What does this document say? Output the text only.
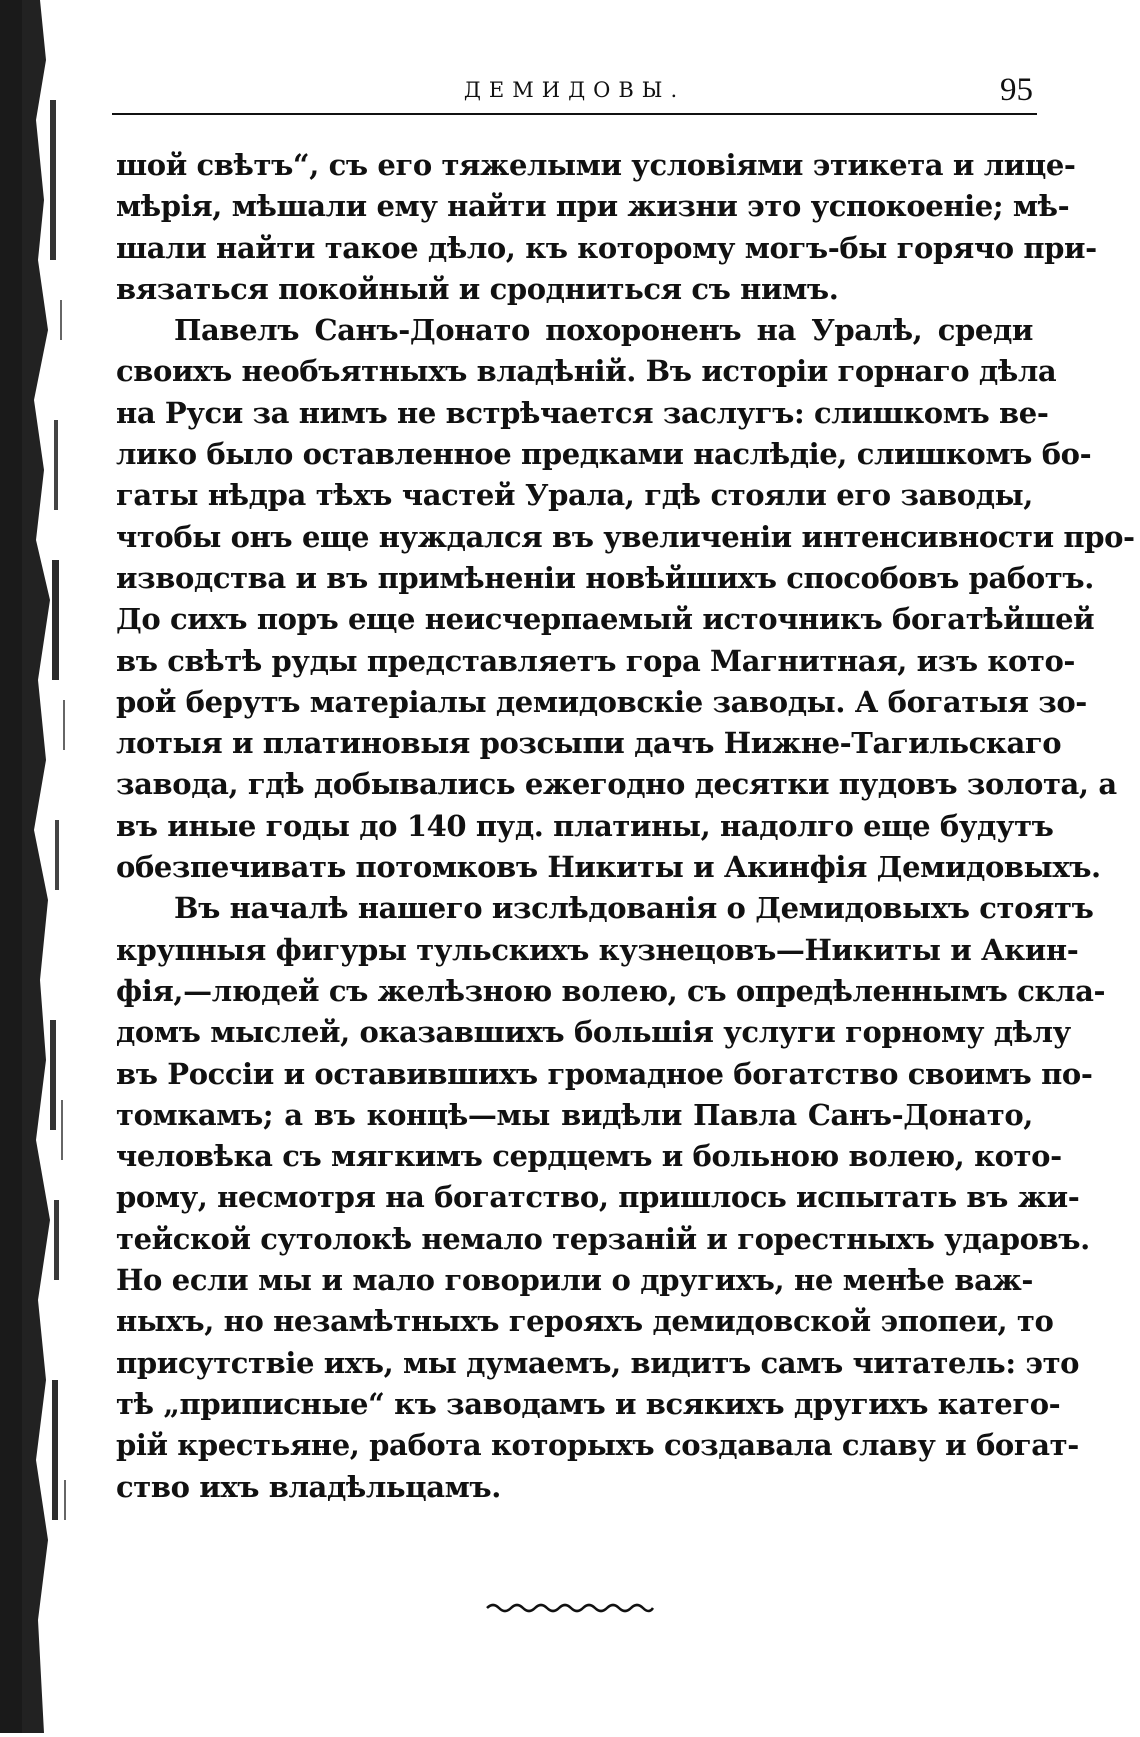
ДЕМИДОВЫ.	95
шой свѣтъ“, съ его тяжелыми условіями этикета и лице-
мѣрія, мѣшали ему найти при жизни это успокоеніе; мѣ-
шали найти такое дѣло, къ которому могъ-бы горячо при-
вязаться покойный и сродниться съ нимъ.
Павелъ Санъ-Донато похороненъ на Уралѣ, среди
своихъ необъятныхъ владѣній. Въ исторіи горнаго дѣла
на Руси за нимъ не встрѣчается заслугъ: слишкомъ ве-
лико было оставленное предками наслѣдіе, слишкомъ бо-
гаты нѣдра тѣхъ частей Урала, гдѣ стояли его заводы,
чтобы онъ еще нуждался въ увеличеніи интенсивности про-
изводства и въ примѣненіи новѣйшихъ способовъ работъ.
До сихъ поръ еще неисчерпаемый источникъ богатѣйшей
въ свѣтѣ руды представляетъ гора Магнитная, изъ кото-
рой берутъ матеріалы демидовскіе заводы. А богатыя зо-
лотыя и платиновыя розсыпи дачъ Нижне-Тагильскаго
завода, гдѣ добывались ежегодно десятки пудовъ золота, а
въ иные годы до 140 пуд. платины, надолго еще будутъ
обезпечивать потомковъ Никиты и Акинфія Демидовыхъ.
Въ началѣ нашего изслѣдованія о Демидовыхъ стоятъ
крупныя фигуры тульскихъ кузнецовъ—Никиты и Акин-
фія,—людей съ желѣзною волею, съ опредѣленнымъ скла-
домъ мыслей, оказавшихъ большія услуги горному дѣлу
въ Россіи и оставившихъ громадное богатство своимъ по-
томкамъ; а въ концѣ—мы видѣли Павла Санъ-Донато,
человѣка съ мягкимъ сердцемъ и больною волею, кото-
рому, несмотря на богатство, пришлось испытать въ жи-
тейской сутолокѣ немало терзаній и горестныхъ ударовъ.
Но если мы и мало говорили о другихъ, не менѣе важ-
ныхъ, но незамѣтныхъ герояхъ демидовской эпопеи, то
присутствіе ихъ, мы думаемъ, видитъ самъ читатель: это
тѣ „приписные“ къ заводамъ и всякихъ другихъ катего-
рій крестьяне, работа которыхъ создавала славу и богат-
ство ихъ владѣльцамъ.
